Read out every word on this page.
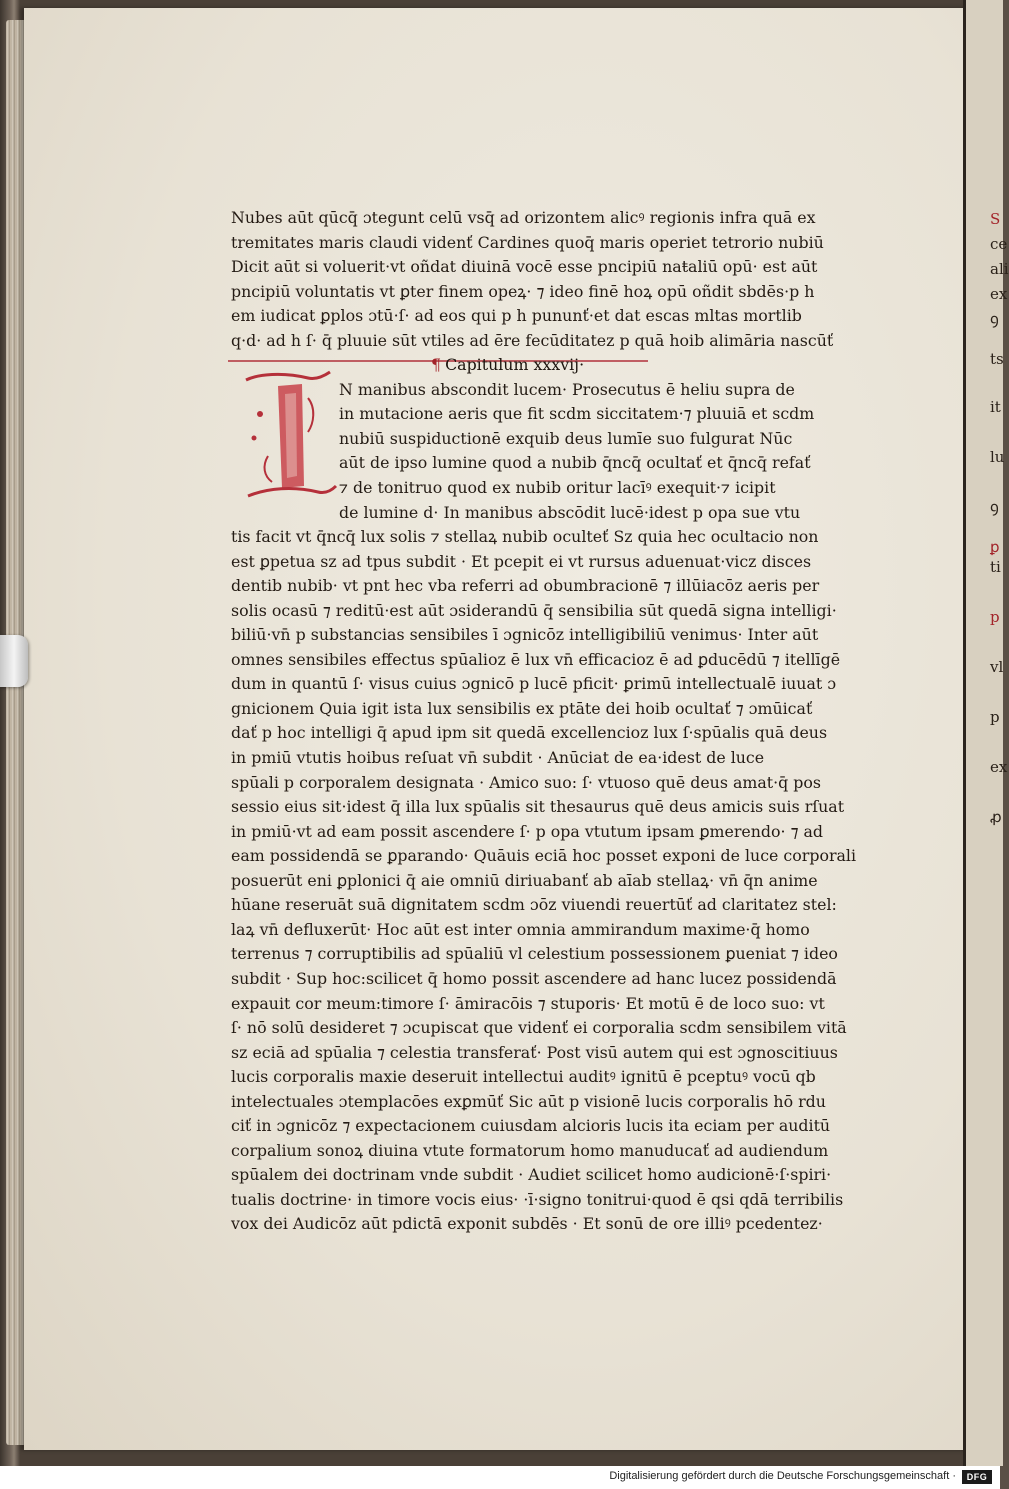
S
ce
ali
ex
ꝯ
ts
it
lu
ꝯ
ꝑ
ti
p
vl
p
ex
ꝓ
Nubes aūt qūcq̄ ɔtegunt celū vsq̄ ad orizontem alicꝰ regionis infra quā ex
tremitates maris claudi videnť Cardines quoq̄ maris operiet tetrorio nubiū
Dicit aūt si voluerit·vt oñdat diuinā vocē esse pncipiū naŧaliū opū· est aūt
pncipiū voluntatis vt ꝑter finem opeꝝ· ⁊ ideo finē hoꝝ opū oñdit sbdēs·p h
em iudicat ꝑplos ɔtū·ſ· ad eos qui p h pununť·et dat escas mltas mortlib
q·d· ad h ſ· q̄ pluuie sūt vtiles ad ēre fecūditatez p quā hoib alimāria nascūť
¶ Capitulum xxxvij·
N manibus abscondit lucem· Prosecutus ē heliu supra de
in mutacione aeris que fit scdm siccitatem·⁊ pluuiā et scdm
nubiū suspiductionē exquib deus lumīe suo fulgurat Nūc
aūt de ipso lumine quod a nubib q̄ncq̄ ocultať et q̄ncq̄ refať
⁊ de tonitruo quod ex nubib oritur lacīꝰ exequit·⁊ icipit
de lumine d· In manibus abscōdit lucē·idest p opa sue vtu
tis facit vt q̄ncq̄ lux solis ⁊ stellaꝝ nubib oculteť Sz quia hec ocultacio non
est ꝑpetua sz ad tpus subdit · Et pcepit ei vt rursus aduenuat·vicz disces
dentib nubib· vt pnt hec vba referri ad obumbracionē ⁊ illūiacōz aeris per
solis ocasū ⁊ reditū·est aūt ɔsiderandū q̄ sensibilia sūt quedā signa intelligi·
biliū·vn̄ p substancias sensibiles ī ɔgnicōz intelligibiliū venimus· Inter aūt
omnes sensibiles effectus spūalioz ē lux vn̄ efficacioz ē ad ꝑducēdū ⁊ itellīgē
dum in quantū ſ· visus cuius ɔgnicō p lucē pficit· ꝑrimū intellectualē iuuat ɔ
gnicionem Quia igit ista lux sensibilis ex ptāte dei hoib ocultať ⁊ ɔmūicať
dať p hoc intelligi q̄ apud ipm sit quedā excellencioz lux ſ·spūalis quā deus
in pmiū vtutis hoibus reſuat vn̄ subdit · Anūciat de ea·idest de luce
spūali p corporalem designata · Amico suo: ſ· vtuoso quē deus amat·q̄ pos
sessio eius sit·idest q̄ illa lux spūalis sit thesaurus quē deus amicis suis rſuat
in pmiū·vt ad eam possit ascendere ſ· p opa vtutum ipsam ꝑmerendo· ⁊ ad
eam possidendā se ꝑparando· Quāuis eciā hoc posset exponi de luce corporali
posuerūt eni ꝑplonici q̄ aie omniū diriuabanť ab aīab stellaꝝ· vn̄ q̄n anime
hūane reseruāt suā dignitatem scdm ɔōz viuendi reuertūť ad claritatez stel:
laꝝ vn̄ defluxerūt· Hoc aūt est inter omnia ammirandum maxime·q̄ homo
terrenus ⁊ corruptibilis ad spūaliū vl celestium possessionem ꝑueniat ⁊ ideo
subdit · Sup hoc:scilicet q̄ homo possit ascendere ad hanc lucez possidendā
expauit cor meum:timore ſ· āmiracōis ⁊ stuporis· Et motū ē de loco suo: vt
ſ· nō solū desideret ⁊ ɔcupiscat que videnť ei corporalia scdm sensibilem vitā
sz eciā ad spūalia ⁊ celestia transferať· Post visū autem qui est ɔgnoscitiuus
lucis corporalis maxie deseruit intellectui auditꝰ ignitū ē pceptuꝰ vocū qb
intelectuales ɔtemplacōes exꝑmūť Sic aūt p visionē lucis corporalis hō rdu
ciť in ɔgnicōz ⁊ expectacionem cuiusdam alcioris lucis ita eciam per auditū
corpalium sonoꝝ diuina vtute formatorum homo manuducať ad audiendum
spūalem dei doctrinam vnde subdit · Audiet scilicet homo audicionē·ſ·spiri·
tualis doctrine· in timore vocis eius· ·ī·signo tonitrui·quod ē qsi qdā terribilis
vox dei Audicōz aūt pdictā exponit subdēs · Et sonū de ore illiꝰ pcedentez·
Digitalisierung gefördert durch die Deutsche Forschungsgemeinschaft ·	DFG
